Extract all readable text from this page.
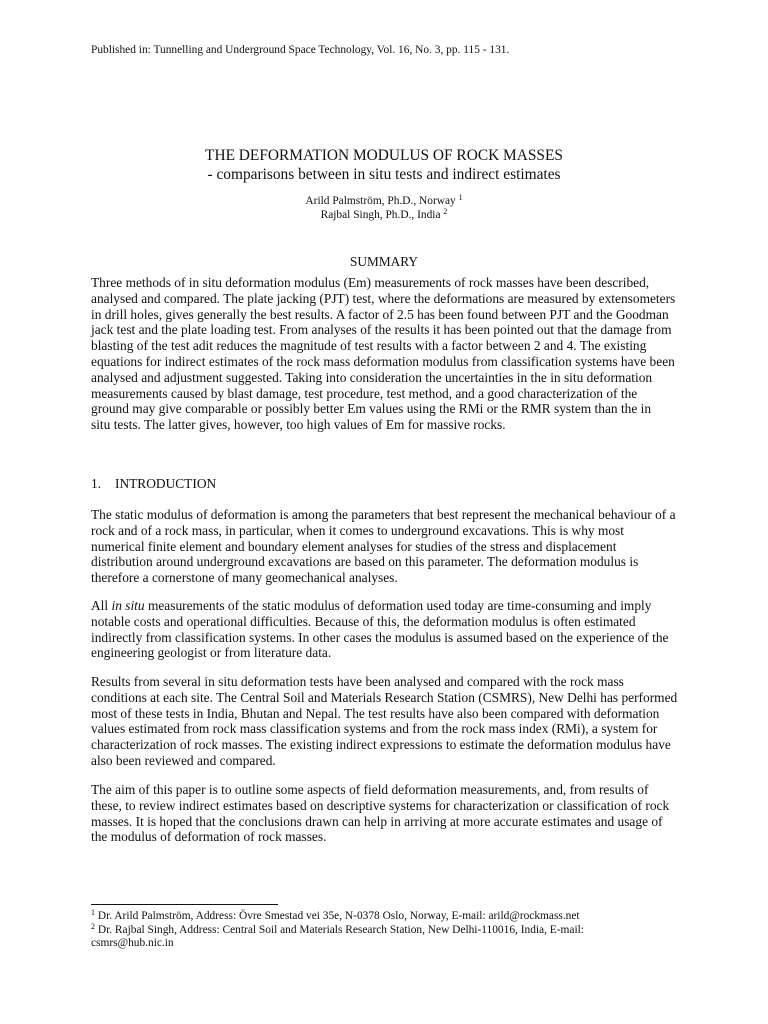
Published in: Tunnelling and Underground Space Technology, Vol. 16, No. 3, pp. 115 - 131.
THE DEFORMATION MODULUS OF ROCK MASSES
- comparisons between in situ tests and indirect estimates
Arild Palmström, Ph.D., Norway $^1$
Rajbal Singh, Ph.D., India $^2$
SUMMARY
Three methods of in situ deformation modulus (Em) measurements of rock masses have been described,
analysed and compared. The plate jacking (PJT) test, where the deformations are measured by extensometers
in drill holes, gives generally the best results. A factor of 2.5 has been found between PJT and the Goodman
jack test and the plate loading test. From analyses of the results it has been pointed out that the damage from
blasting of the test adit reduces the magnitude of test results with a factor between 2 and 4. The existing
equations for indirect estimates of the rock mass deformation modulus from classification systems have been
analysed and adjustment suggested. Taking into consideration the uncertainties in the in situ deformation
measurements caused by blast damage, test procedure, test method, and a good characterization of the
ground may give comparable or possibly better Em values using the RMi or the RMR system than the in
situ tests. The latter gives, however, too high values of Em for massive rocks.
1. INTRODUCTION
The static modulus of deformation is among the parameters that best represent the mechanical behaviour of a
rock and of a rock mass, in particular, when it comes to underground excavations. This is why most
numerical finite element and boundary element analyses for studies of the stress and displacement
distribution around underground excavations are based on this parameter. The deformation modulus is
therefore a cornerstone of many geomechanical analyses.
All in situ measurements of the static modulus of deformation used today are time-consuming and imply
notable costs and operational difficulties. Because of this, the deformation modulus is often estimated
indirectly from classification systems. In other cases the modulus is assumed based on the experience of the
engineering geologist or from literature data.
Results from several in situ deformation tests have been analysed and compared with the rock mass
conditions at each site. The Central Soil and Materials Research Station (CSMRS), New Delhi has performed
most of these tests in India, Bhutan and Nepal. The test results have also been compared with deformation
values estimated from rock mass classification systems and from the rock mass index (RMi), a system for
characterization of rock masses. The existing indirect expressions to estimate the deformation modulus have
also been reviewed and compared.
The aim of this paper is to outline some aspects of field deformation measurements, and, from results of
these, to review indirect estimates based on descriptive systems for characterization or classification of rock
masses. It is hoped that the conclusions drawn can help in arriving at more accurate estimates and usage of
the modulus of deformation of rock masses.
$^1$ Dr. Arild Palmström, Address: Övre Smestad vei 35e, N-0378 Oslo, Norway, E-mail: arild@rockmass.net
$^2$ Dr. Rajbal Singh, Address: Central Soil and Materials Research Station, New Delhi-110016, India, E-mail:
csmrs@hub.nic.in
